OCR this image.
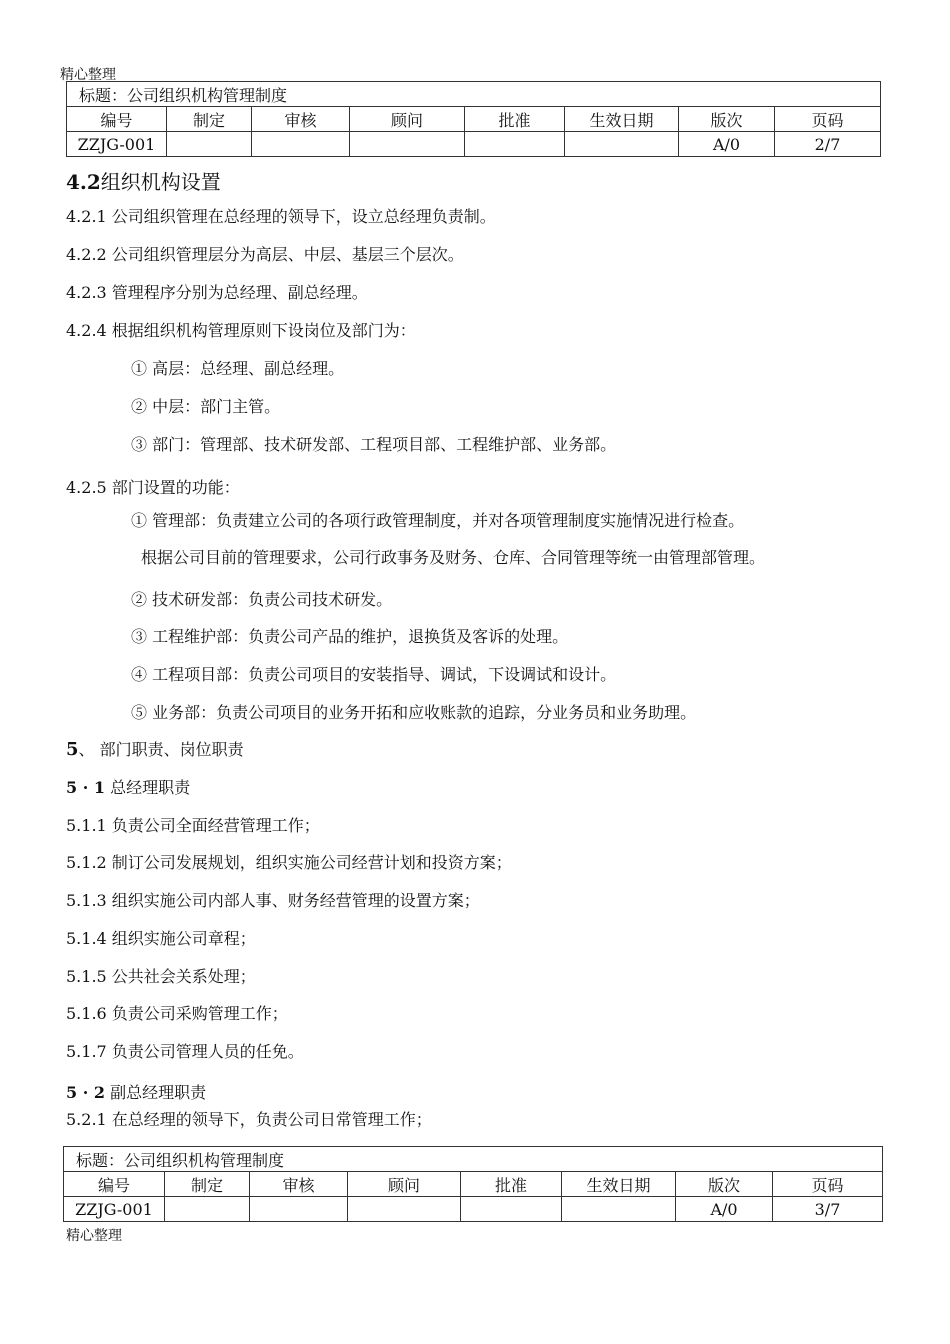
精心整理
标题：公司组织机构管理制度							
编号	制定	审核	顾问	批准	生效日期	版次	页码
ZZJG-001						A/0	2/7
4.2组织机构设置
4.2.1 公司组织管理在总经理的领导下，设立总经理负责制。
4.2.2 公司组织管理层分为高层、中层、基层三个层次。
4.2.3 管理程序分别为总经理、副总经理。
4.2.4 根据组织机构管理原则下设岗位及部门为：
① 高层：总经理、副总经理。
② 中层：部门主管。
③ 部门：管理部、技术研发部、工程项目部、工程维护部、业务部。
4.2.5 部门设置的功能：
① 管理部：负责建立公司的各项行政管理制度，并对各项管理制度实施情况进行检查。
根据公司目前的管理要求，公司行政事务及财务、仓库、合同管理等统一由管理部管理。
② 技术研发部：负责公司技术研发。
③ 工程维护部：负责公司产品的维护，退换货及客诉的处理。
④ 工程项目部：负责公司项目的安装指导、调试，下设调试和设计。
⑤ 业务部：负责公司项目的业务开拓和应收账款的追踪，分业务员和业务助理。
5、 部门职责、岗位职责
5 · 1 总经理职责
5.1.1 负责公司全面经营管理工作；
5.1.2 制订公司发展规划，组织实施公司经营计划和投资方案；
5.1.3 组织实施公司内部人事、财务经营管理的设置方案；
5.1.4 组织实施公司章程；
5.1.5 公共社会关系处理；
5.1.6 负责公司采购管理工作；
5.1.7 负责公司管理人员的任免。
5 · 2 副总经理职责
5.2.1 在总经理的领导下，负责公司日常管理工作；
标题：公司组织机构管理制度							
编号	制定	审核	顾问	批准	生效日期	版次	页码
ZZJG-001						A/0	3/7
精心整理
